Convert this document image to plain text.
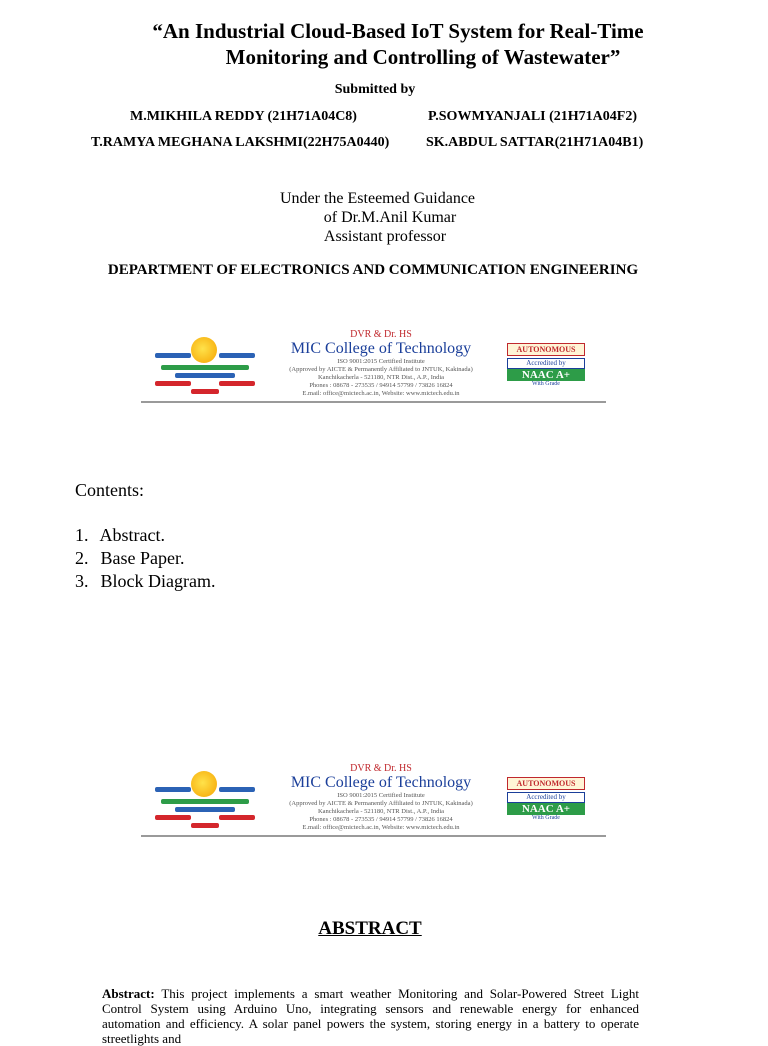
“An Industrial Cloud-Based IoT System for Real-Time
Monitoring and Controlling of Wastewater”
Submitted by
M.MIKHILA REDDY (21H71A04C8)	P.SOWMYANJALI (21H71A04F2)
T.RAMYA MEGHANA LAKSHMI(22H75A0440)	SK.ABDUL SATTAR(21H71A04B1)
Under the Esteemed Guidance
of Dr.M.Anil Kumar
Assistant professor
DEPARTMENT OF ELECTRONICS AND COMMUNICATION ENGINEERING
DVR & Dr. HS
MIC College of Technology
ISO 9001:2015 Certified Institute
(Approved by AICTE & Permanently Affiliated to JNTUK, Kakinada)
Kanchikacherla - 521180, NTR Dist., A.P., India
Phones : 08678 - 273535 / 94914 57799 / 73826 16824
E.mail: office@mictech.ac.in, Website: www.mictech.edu.in
AUTONOMOUS
Accredited by
NAAC A+
With Grade
Contents:
1. Abstract.
2. Base Paper.
3. Block Diagram.
DVR & Dr. HS
MIC College of Technology
ISO 9001:2015 Certified Institute
(Approved by AICTE & Permanently Affiliated to JNTUK, Kakinada)
Kanchikacherla - 521180, NTR Dist., A.P., India
Phones : 08678 - 273535 / 94914 57799 / 73826 16824
E.mail: office@mictech.ac.in, Website: www.mictech.edu.in
AUTONOMOUS
Accredited by
NAAC A+
With Grade
ABSTRACT
Abstract: This project implements a smart weather Monitoring and Solar-Powered Street Light Control System using Arduino Uno, integrating sensors and renewable energy for enhanced automation and efficiency. A solar panel powers the system, storing energy in a battery to operate streetlights and
